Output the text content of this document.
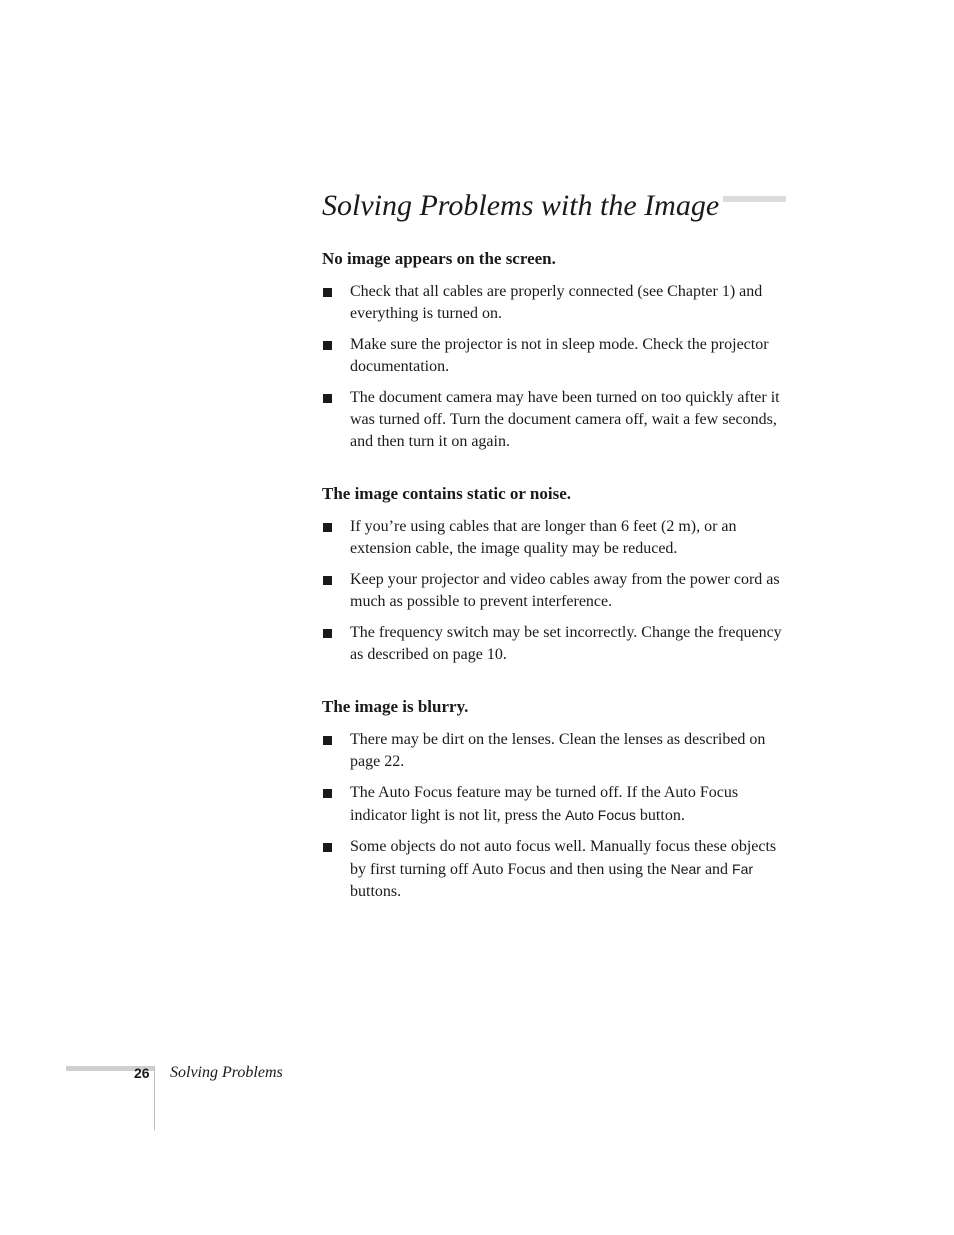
Solving Problems with the Image
No image appears on the screen.
Check that all cables are properly connected (see Chapter 1) and everything is turned on.
Make sure the projector is not in sleep mode. Check the projector documentation.
The document camera may have been turned on too quickly after it was turned off. Turn the document camera off, wait a few seconds, and then turn it on again.
The image contains static or noise.
If you’re using cables that are longer than 6 feet (2 m), or an extension cable, the image quality may be reduced.
Keep your projector and video cables away from the power cord as much as possible to prevent interference.
The frequency switch may be set incorrectly. Change the frequency as described on page 10.
The image is blurry.
There may be dirt on the lenses. Clean the lenses as described on page 22.
The Auto Focus feature may be turned off. If the Auto Focus indicator light is not lit, press the Auto Focus button.
Some objects do not auto focus well. Manually focus these objects by first turning off Auto Focus and then using the Near and Far buttons.
26 Solving Problems
